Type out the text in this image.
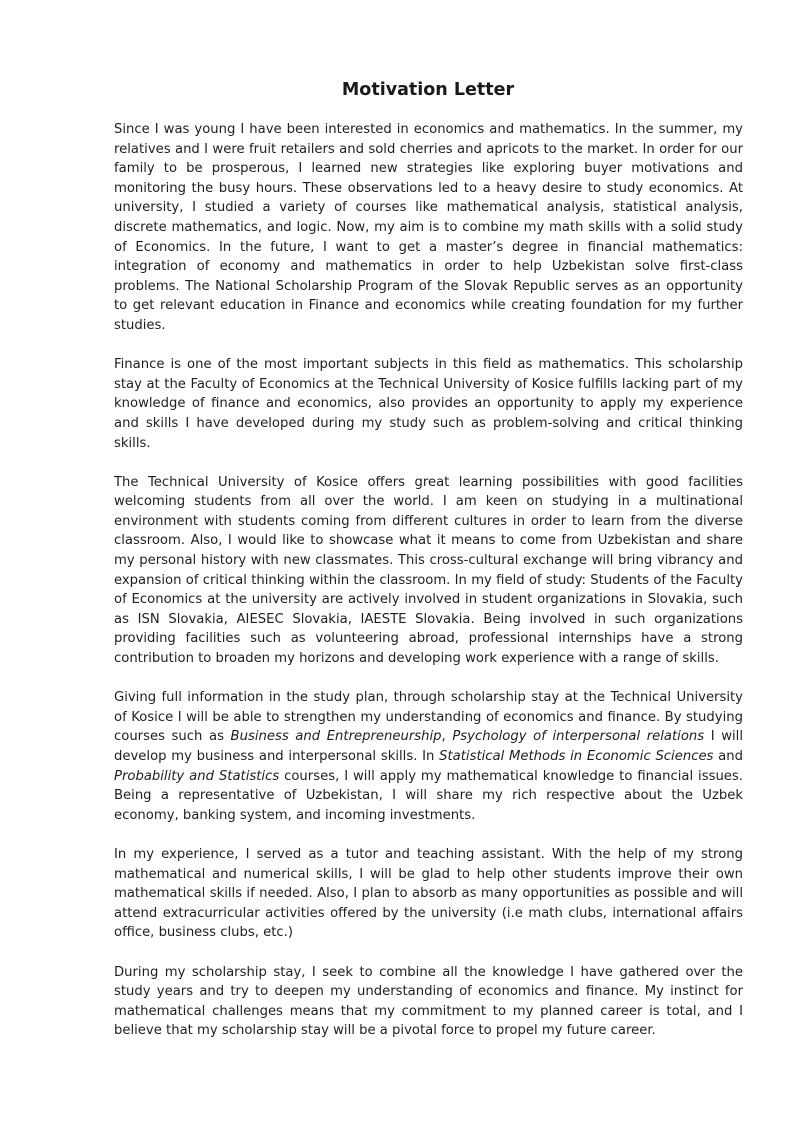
Motivation Letter

Since I was young I have been interested in economics and mathematics. In the summer, my relatives and I were fruit retailers and sold cherries and apricots to the market. In order for our family to be prosperous, I learned new strategies like exploring buyer motivations and monitoring the busy hours. These observations led to a heavy desire to study economics. At university, I studied a variety of courses like mathematical analysis, statistical analysis, discrete mathematics, and logic. Now, my aim is to combine my math skills with a solid study of Economics. In the future, I want to get a master’s degree in financial mathematics: integration of economy and mathematics in order to help Uzbekistan solve first-class problems. The National Scholarship Program of the Slovak Republic serves as an opportunity to get relevant education in Finance and economics while creating foundation for my further studies.

Finance is one of the most important subjects in this field as mathematics. This scholarship stay at the Faculty of Economics at the Technical University of Kosice fulfills lacking part of my knowledge of finance and economics, also provides an opportunity to apply my experience and skills I have developed during my study such as problem-solving and critical thinking skills.

The Technical University of Kosice offers great learning possibilities with good facilities welcoming students from all over the world. I am keen on studying in a multinational environment with students coming from different cultures in order to learn from the diverse classroom. Also, I would like to showcase what it means to come from Uzbekistan and share my personal history with new classmates. This cross-cultural exchange will bring vibrancy and expansion of critical thinking within the classroom. In my field of study: Students of the Faculty of Economics at the university are actively involved in student organizations in Slovakia, such as ISN Slovakia, AIESEC Slovakia, IAESTE Slovakia. Being involved in such organizations providing facilities such as volunteering abroad, professional internships have a strong contribution to broaden my horizons and developing work experience with a range of skills.

Giving full information in the study plan, through scholarship stay at the Technical University of Kosice I will be able to strengthen my understanding of economics and finance. By studying courses such as Business and Entrepreneurship, Psychology of interpersonal relations I will develop my business and interpersonal skills. In Statistical Methods in Economic Sciences and Probability and Statistics courses, I will apply my mathematical knowledge to financial issues. Being a representative of Uzbekistan, I will share my rich respective about the Uzbek economy, banking system, and incoming investments.

In my experience, I served as a tutor and teaching assistant. With the help of my strong mathematical and numerical skills, I will be glad to help other students improve their own mathematical skills if needed. Also, I plan to absorb as many opportunities as possible and will attend extracurricular activities offered by the university (i.e math clubs, international affairs office, business clubs, etc.)

During my scholarship stay, I seek to combine all the knowledge I have gathered over the study years and try to deepen my understanding of economics and finance. My instinct for mathematical challenges means that my commitment to my planned career is total, and I believe that my scholarship stay will be a pivotal force to propel my future career.
